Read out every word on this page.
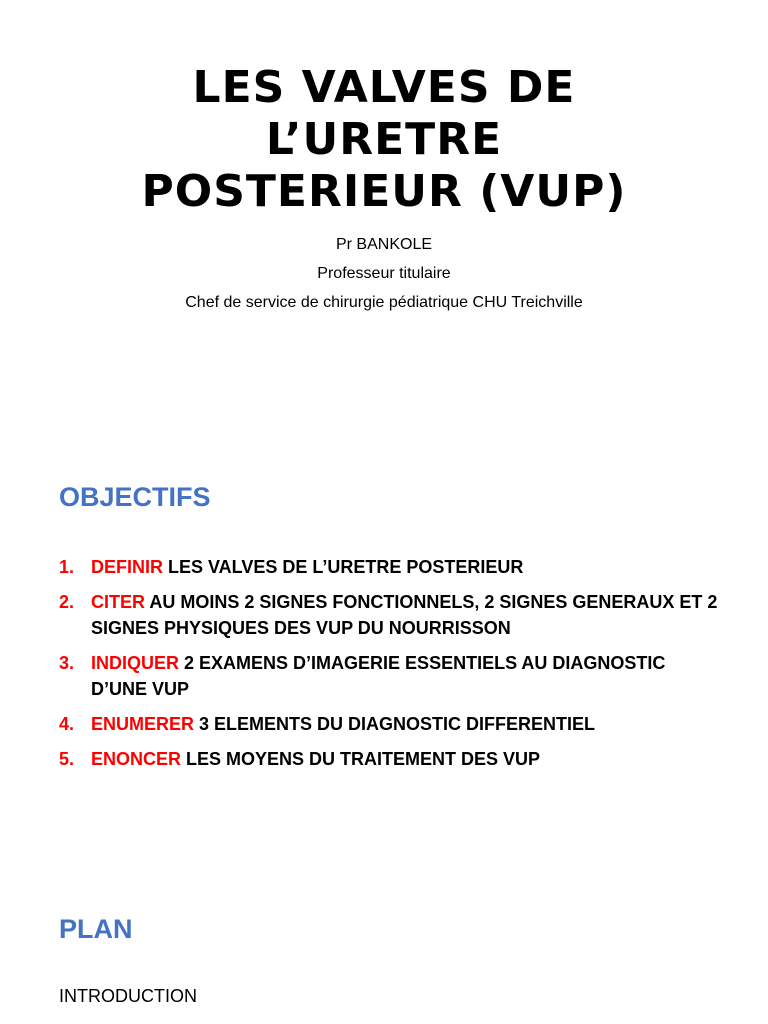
LES VALVES DE
L’URETRE
POSTERIEUR (VUP)
Pr BANKOLE
Professeur titulaire
Chef de service de chirurgie pédiatrique CHU Treichville
OBJECTIFS
1. DEFINIR LES VALVES DE L’URETRE POSTERIEUR
2. CITER AU MOINS 2 SIGNES FONCTIONNELS, 2 SIGNES GENERAUX ET 2 SIGNES PHYSIQUES DES VUP DU NOURRISSON
3. INDIQUER 2 EXAMENS D’IMAGERIE ESSENTIELS AU DIAGNOSTIC D’UNE VUP
4. ENUMERER 3 ELEMENTS DU DIAGNOSTIC DIFFERENTIEL
5. ENONCER LES MOYENS DU TRAITEMENT DES VUP
PLAN
INTRODUCTION
